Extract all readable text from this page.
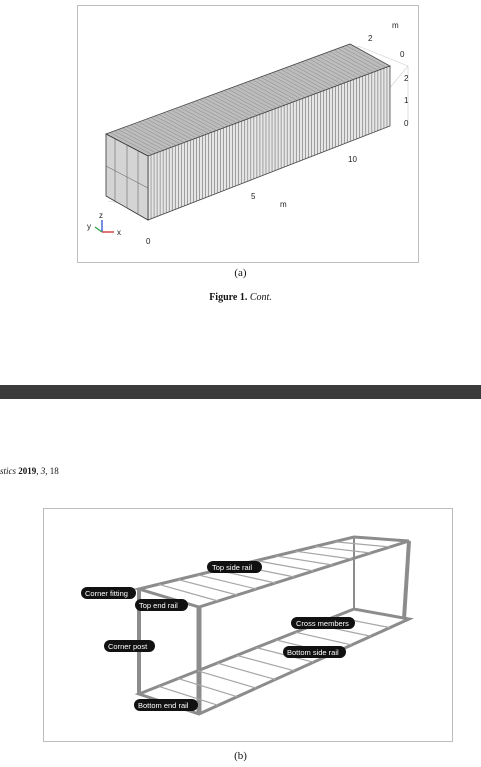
m
2
0
2
1
0
10
5
m
0
z
x
y
(a)
Figure 1. Cont.
stics 2019, 3, 18
Top side rail
Corner fitting
Top end rail
Cross members
Corner post
Bottom side rail
Bottom end rail
(b)
